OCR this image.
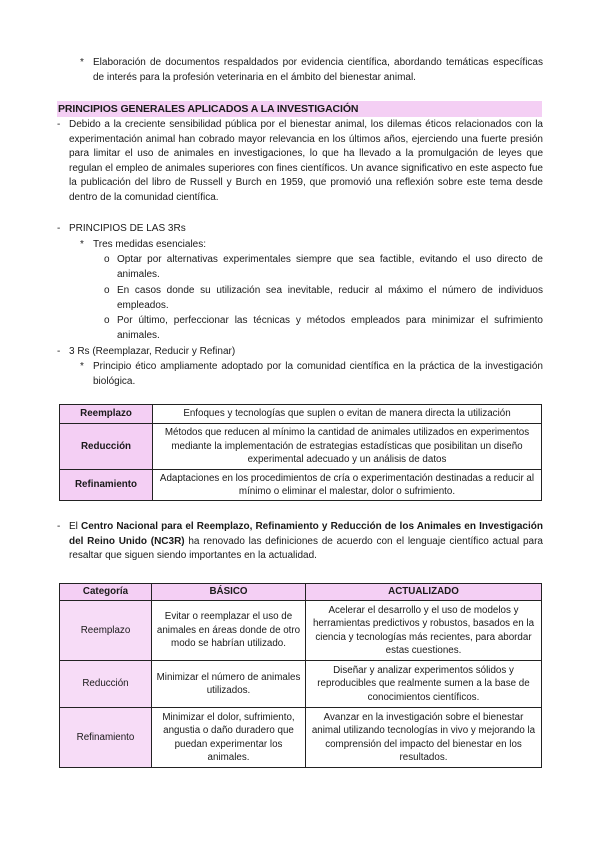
* Elaboración de documentos respaldados por evidencia científica, abordando temáticas específicas de interés para la profesión veterinaria en el ámbito del bienestar animal.
PRINCIPIOS GENERALES APLICADOS A LA INVESTIGACIÓN
- Debido a la creciente sensibilidad pública por el bienestar animal, los dilemas éticos relacionados con la experimentación animal han cobrado mayor relevancia en los últimos años, ejerciendo una fuerte presión para limitar el uso de animales en investigaciones, lo que ha llevado a la promulgación de leyes que regulan el empleo de animales superiores con fines científicos. Un avance significativo en este aspecto fue la publicación del libro de Russell y Burch en 1959, que promovió una reflexión sobre este tema desde dentro de la comunidad científica.
- PRINCIPIOS DE LAS 3Rs
* Tres medidas esenciales:
o Optar por alternativas experimentales siempre que sea factible, evitando el uso directo de animales.
o En casos donde su utilización sea inevitable, reducir al máximo el número de individuos empleados.
o Por último, perfeccionar las técnicas y métodos empleados para minimizar el sufrimiento animales.
- 3 Rs (Reemplazar, Reducir y Refinar)
* Principio ético ampliamente adoptado por la comunidad científica en la práctica de la investigación biológica.
Reemplazo	Enfoques y tecnologías que suplen o evitan de manera directa la utilización
Reducción	Métodos que reducen al mínimo la cantidad de animales utilizados en experimentos mediante la implementación de estrategias estadísticas que posibilitan un diseño experimental adecuado y un análisis de datos
Refinamiento	Adaptaciones en los procedimientos de cría o experimentación destinadas a reducir al mínimo o eliminar el malestar, dolor o sufrimiento.
- El Centro Nacional para el Reemplazo, Refinamiento y Reducción de los Animales en Investigación del Reino Unido (NC3R) ha renovado las definiciones de acuerdo con el lenguaje científico actual para resaltar que siguen siendo importantes en la actualidad.
Categoría	BÁSICO	ACTUALIZADO
Reemplazo	Evitar o reemplazar el uso de animales en áreas donde de otro modo se habrían utilizado.	Acelerar el desarrollo y el uso de modelos y herramientas predictivos y robustos, basados en la ciencia y tecnologías más recientes, para abordar estas cuestiones.
Reducción	Minimizar el número de animales utilizados.	Diseñar y analizar experimentos sólidos y reproducibles que realmente sumen a la base de conocimientos científicos.
Refinamiento	Minimizar el dolor, sufrimiento, angustia o daño duradero que puedan experimentar los animales.	Avanzar en la investigación sobre el bienestar animal utilizando tecnologías in vivo y mejorando la comprensión del impacto del bienestar en los resultados.
